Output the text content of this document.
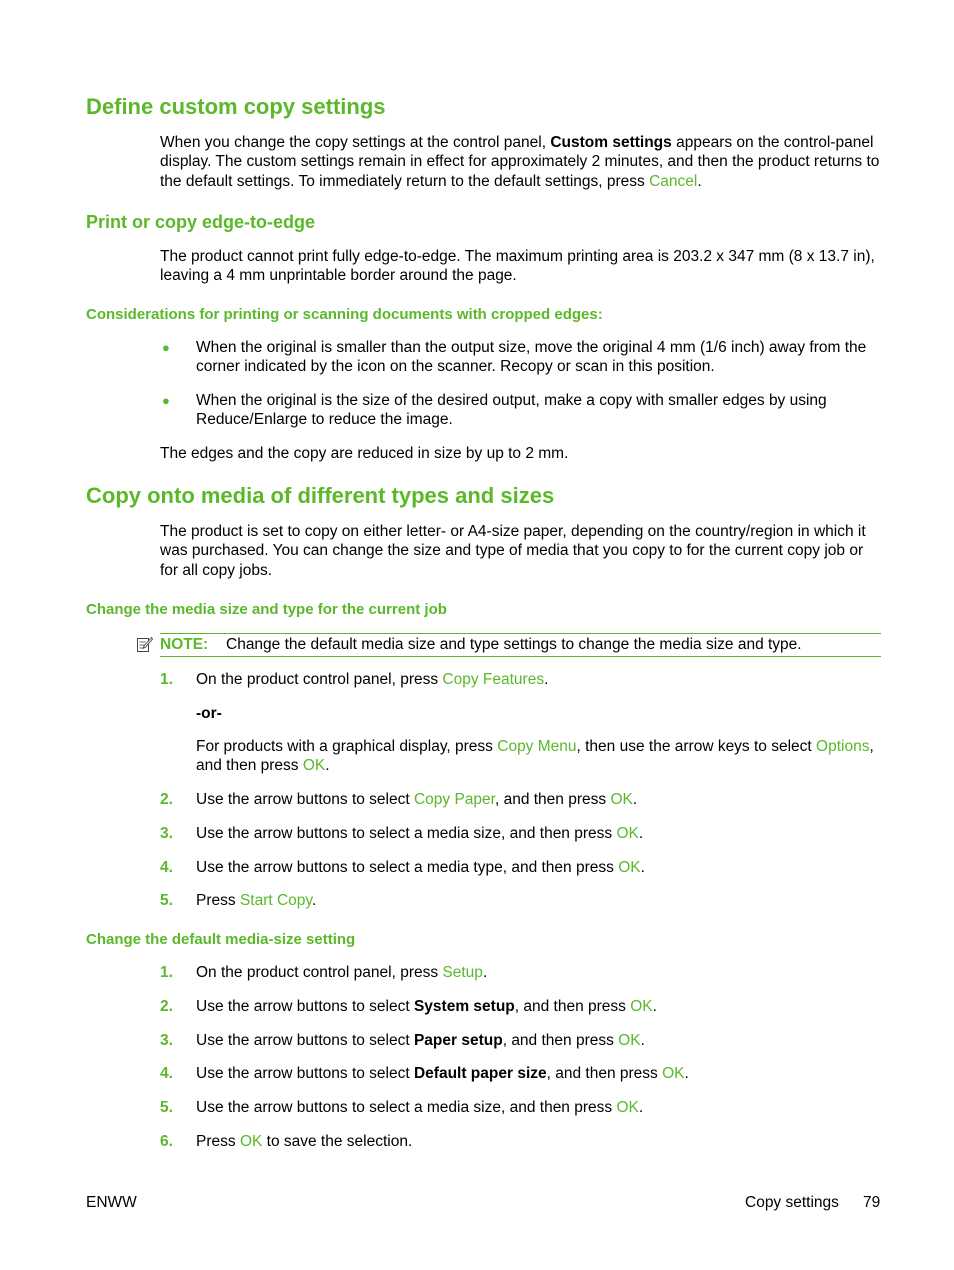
Define custom copy settings

When you change the copy settings at the control panel, Custom settings appears on the control-panel display. The custom settings remain in effect for approximately 2 minutes, and then the product returns to the default settings. To immediately return to the default settings, press Cancel.

Print or copy edge-to-edge

The product cannot print fully edge-to-edge. The maximum printing area is 203.2 x 347 mm (8 x 13.7 in), leaving a 4 mm unprintable border around the page.

Considerations for printing or scanning documents with cropped edges:
● When the original is smaller than the output size, move the original 4 mm (1/6 inch) away from the corner indicated by the icon on the scanner. Recopy or scan in this position.
● When the original is the size of the desired output, make a copy with smaller edges by using Reduce/Enlarge to reduce the image.

The edges and the copy are reduced in size by up to 2 mm.

Copy onto media of different types and sizes

The product is set to copy on either letter- or A4-size paper, depending on the country/region in which it was purchased. You can change the size and type of media that you copy to for the current copy job or for all copy jobs.

Change the media size and type for the current job
NOTE: Change the default media size and type settings to change the media size and type.
1. On the product control panel, press Copy Features.
-or-
For products with a graphical display, press Copy Menu, then use the arrow keys to select Options, and then press OK.
2. Use the arrow buttons to select Copy Paper, and then press OK.
3. Use the arrow buttons to select a media size, and then press OK.
4. Use the arrow buttons to select a media type, and then press OK.
5. Press Start Copy.
Change the default media-size setting
1. On the product control panel, press Setup.
2. Use the arrow buttons to select System setup, and then press OK.
3. Use the arrow buttons to select Paper setup, and then press OK.
4. Use the arrow buttons to select Default paper size, and then press OK.
5. Use the arrow buttons to select a media size, and then press OK.
6. Press OK to save the selection.
ENWW	Copy settings 79
